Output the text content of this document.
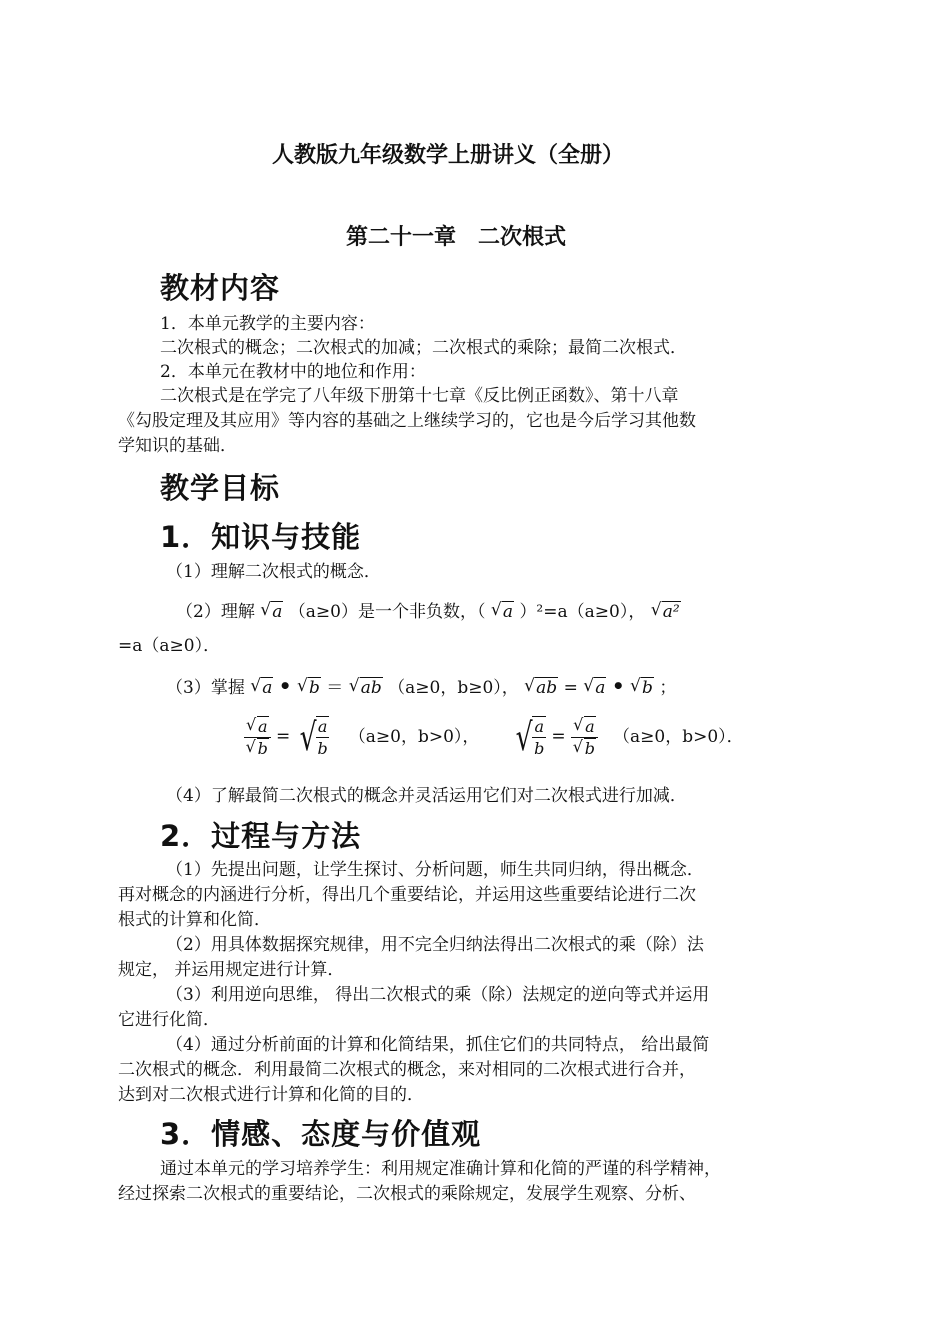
人教版九年级数学上册讲义（全册）
第二十一章　二次根式
教材内容
1．本单元教学的主要内容：
二次根式的概念；二次根式的加减；二次根式的乘除；最简二次根式．
2．本单元在教材中的地位和作用：
二次根式是在学完了八年级下册第十七章《反比例正函数》、第十八章
《勾股定理及其应用》等内容的基础之上继续学习的，它也是今后学习其他数
学知识的基础．
教学目标
1．知识与技能
（1）理解二次根式的概念．
（2）理解 √ a （a≥0）是一个非负数，（ √ a ）²=a（a≥0）， √ a²
=a（a≥0）．
（3）掌握 √ a • √ b ＝ √ ab （a≥0，b≥0）， √ ab = √ a • √ b ；
√ a
√ b = √ $\frac{a}{b} (a\ge 0$，b>0）， √ $\frac{a}{b}$ = √ a
√ b （a≥0，b>0）．
（4）了解最简二次根式的概念并灵活运用它们对二次根式进行加减．
2．过程与方法
（1）先提出问题，让学生探讨、分析问题，师生共同归纳，得出概念．
再对概念的内涵进行分析，得出几个重要结论，并运用这些重要结论进行二次
根式的计算和化简．
（2）用具体数据探究规律，用不完全归纳法得出二次根式的乘（除）法
规定， 并运用规定进行计算．
（3）利用逆向思维， 得出二次根式的乘（除）法规定的逆向等式并运用
它进行化简．
（4）通过分析前面的计算和化简结果，抓住它们的共同特点， 给出最简
二次根式的概念．利用最简二次根式的概念，来对相同的二次根式进行合并，
达到对二次根式进行计算和化简的目的．
3．情感、态度与价值观
通过本单元的学习培养学生：利用规定准确计算和化简的严谨的科学精神，
经过探索二次根式的重要结论，二次根式的乘除规定，发展学生观察、分析、
